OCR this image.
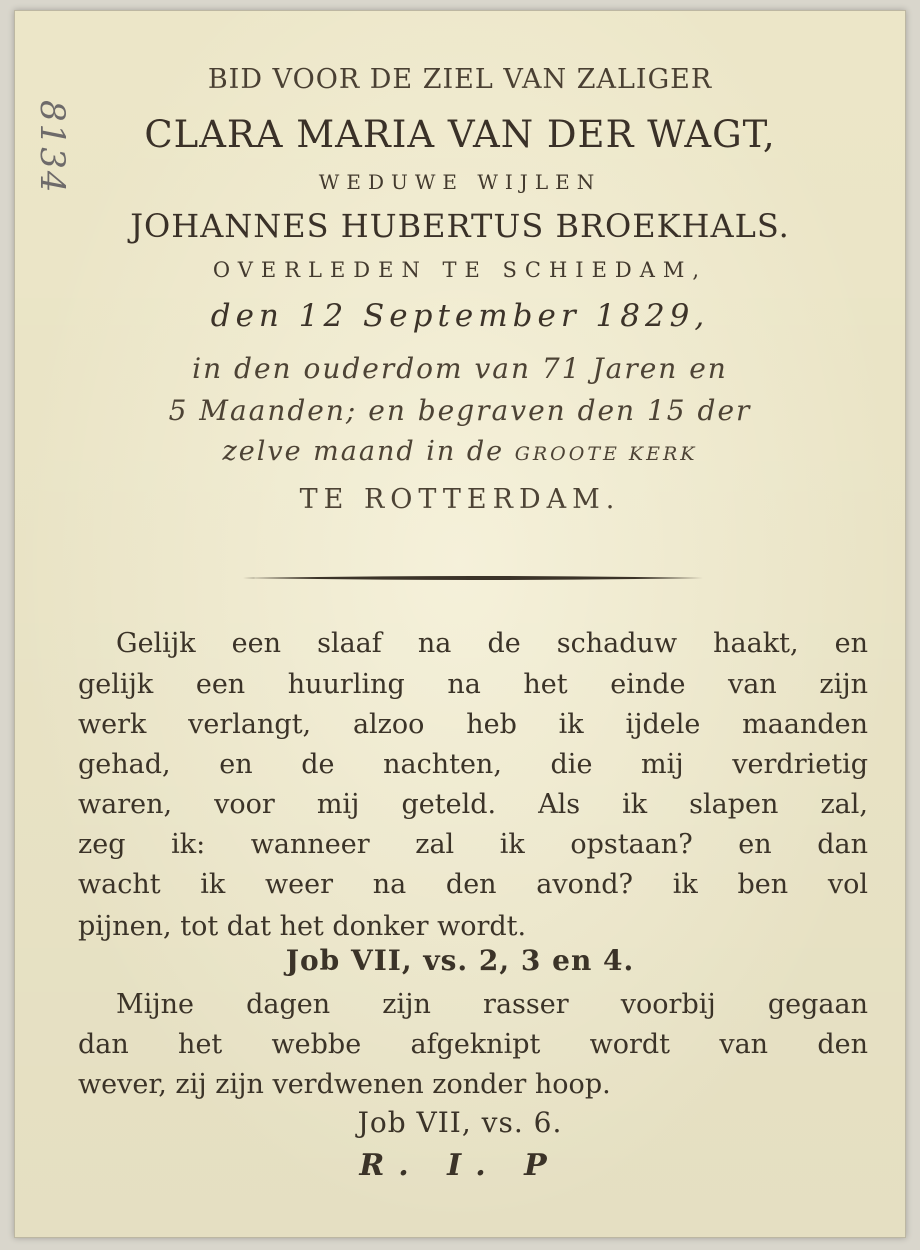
8134
BID VOOR DE ZIEL VAN ZALIGER
CLARA MARIA VAN DER WAGT,
WEDUWE WIJLEN
JOHANNES HUBERTUS BROEKHALS.
OVERLEDEN TE SCHIEDAM,
den 12 September 1829,
in den ouderdom van 71 Jaren en
5 Maanden; en begraven den 15 der
zelve maand in de GROOTE KERK
TE ROTTERDAM.
Gelijk een slaaf na de schaduw haakt, en
gelijk een huurling na het einde van zijn
werk verlangt, alzoo heb ik ijdele maanden
gehad, en de nachten, die mij verdrietig
waren, voor mij geteld. Als ik slapen zal,
zeg ik: wanneer zal ik opstaan? en dan
wacht ik weer na den avond? ik ben vol
pijnen, tot dat het donker wordt.
Job VII, vs. 2, 3 en 4.
Mijne dagen zijn rasser voorbij gegaan
dan het webbe afgeknipt wordt van den
wever, zij zijn verdwenen zonder hoop.
Job VII, vs. 6.
R. I. P
